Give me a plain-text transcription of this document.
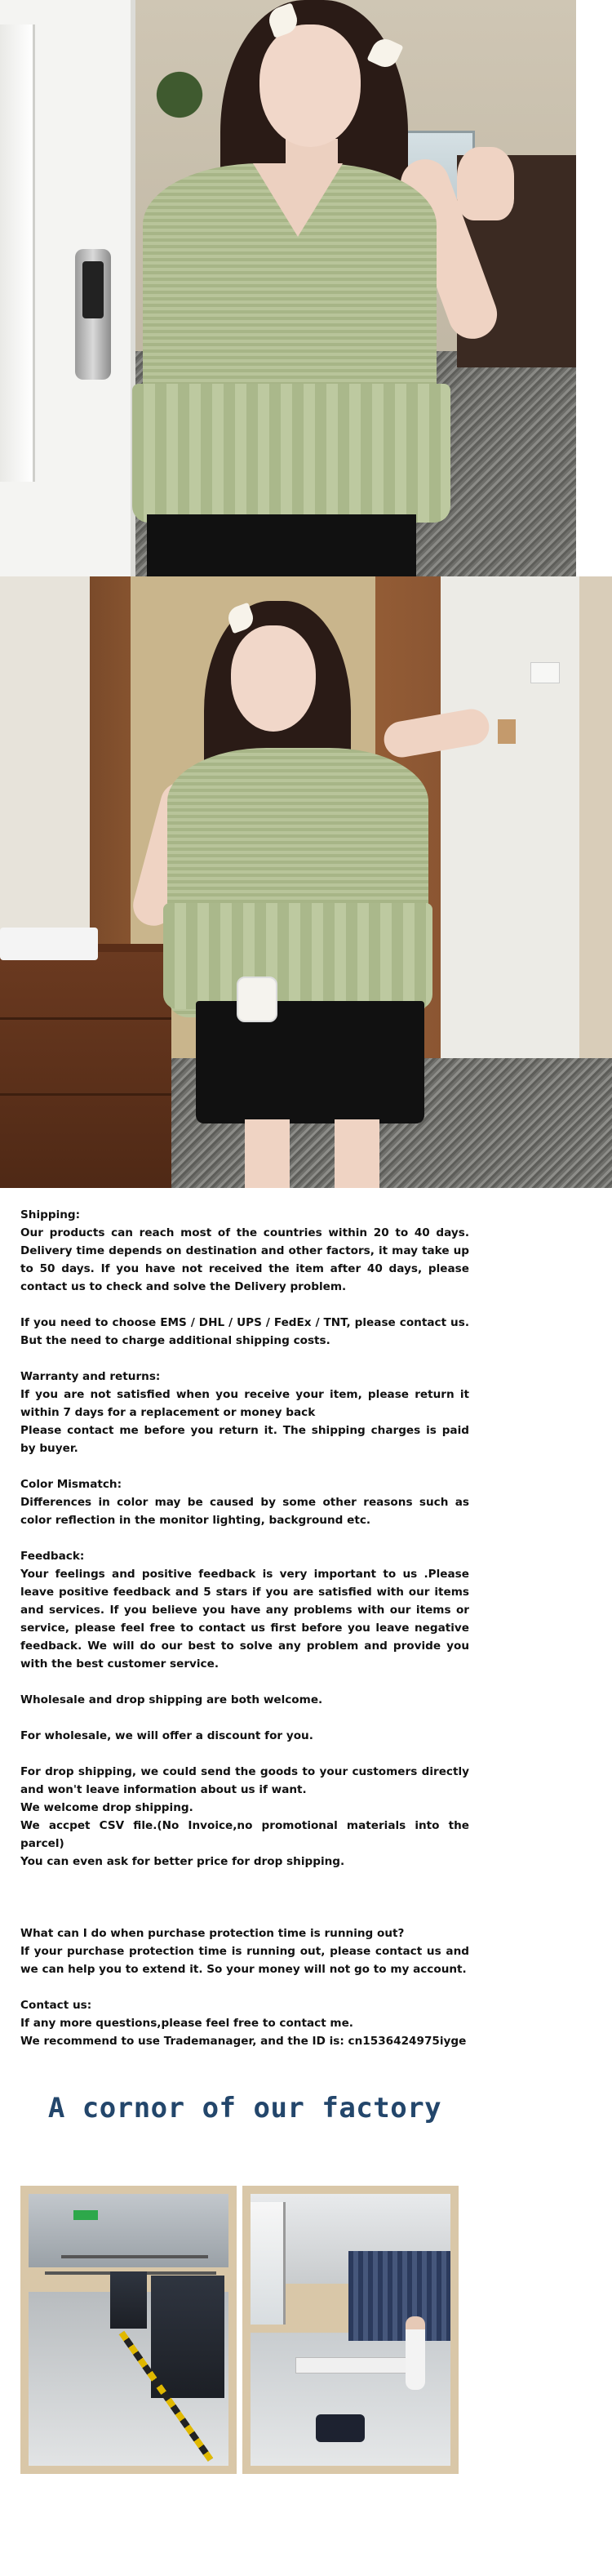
Shipping:

Our products can reach most of the countries within 20 to 40 days. Delivery time depends on destination and other factors, it may take up to 50 days. If you have not received the item after 40 days, please contact us to check and solve the Delivery problem.

If you need to choose EMS / DHL / UPS / FedEx / TNT, please contact us. But the need to charge additional shipping costs.

Warranty and returns:

If you are not satisfied when you receive your item, please return it within 7 days for a replacement or money back

Please contact me before you return it. The shipping charges is paid by buyer.

Color Mismatch:

Differences in color may be caused by some other reasons such as color reflection in the monitor lighting, background etc.

Feedback:

Your feelings and positive feedback is very important to us .Please leave positive feedback and 5 stars if you are satisfied with our items and services. If you believe you have any problems with our items or service, please feel free to contact us first before you leave negative feedback. We will do our best to solve any problem and provide you with the best customer service.

Wholesale and drop shipping are both welcome.

For wholesale, we will offer a discount for you.

For drop shipping, we could send the goods to your customers directly and won't leave information about us if want.

We welcome drop shipping.

We accpet CSV file.(No Invoice,no promotional materials into the parcel)

You can even ask for better price for drop shipping.

What can I do when purchase protection time is running out?

If your purchase protection time is running out, please contact us and we can help you to extend it. So your money will not go to my account.

Contact us:

If any more questions,please feel free to contact me.

We recommend to use Trademanager, and the ID is: cn1536424975iyge

A cornor of our factory
